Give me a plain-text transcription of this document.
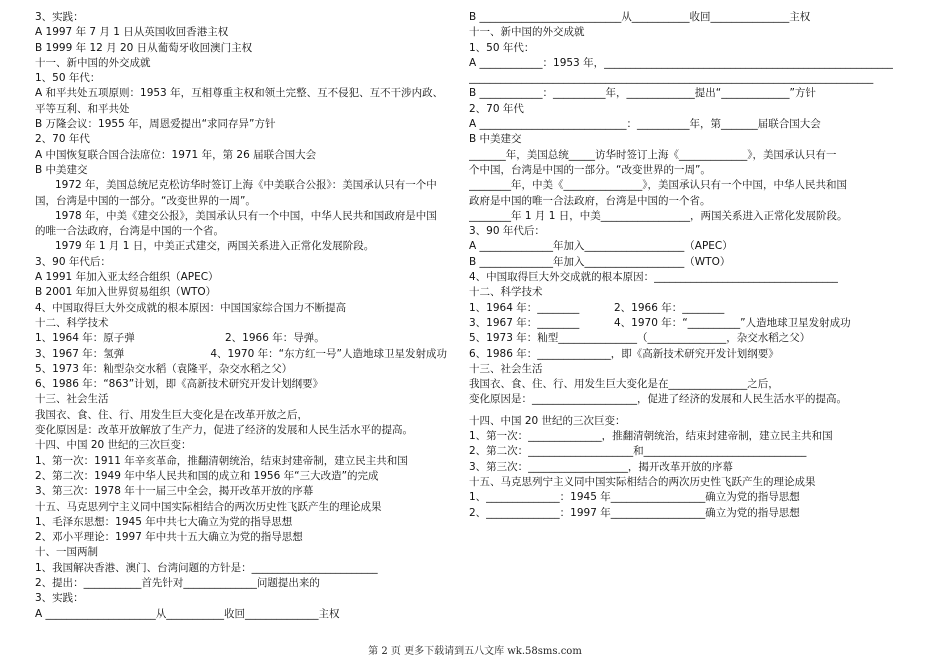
3、实践：
A 1997 年 7 月 1 日从英国收回香港主权
B 1999 年 12 月 20 日从葡萄牙收回澳门主权
十一、新中国的外交成就
1、50 年代：
A 和平共处五项原则：1953 年，互相尊重主权和领土完整、互不侵犯、互不干涉内政、
平等互利、和平共处
B 万隆会议：1955 年，周恩爱提出“求同存异”方针
2、70 年代
A 中国恢复联合国合法席位：1971 年，第 26 届联合国大会
B 中美建交
1972 年，美国总统尼克松访华时签订上海《中美联合公报》：美国承认只有一个中
国，台湾是中国的一部分。“改变世界的一周”。
1978 年，中美《建交公报》，美国承认只有一个中国，中华人民共和国政府是中国
的唯一合法政府，台湾是中国的一个省。
1979 年 1 月 1 日，中美正式建交，两国关系进入正常化发展阶段。
3、90 年代后：
A 1991 年加入亚太经合组织（APEC）
B 2001 年加入世界贸易组织（WTO）
4、中国取得巨大外交成就的根本原因：中国国家综合国力不断提高
十二、科学技术
1、1964 年：原子弹	2、1966 年：导弹。
3、1967 年：氢弹	4、1970 年：“东方红一号”人造地球卫星发射成功
5、1973 年：籼型杂交水稻（袁隆平，杂交水稻之父）
6、1986 年：“863”计划，即《高新技术研究开发计划纲要》
十三、社会生活
我国衣、食、住、行、用发生巨大变化是在改革开放之后，
变化原因是：改革开放解放了生产力，促进了经济的发展和人民生活水平的提高。
十四、中国 20 世纪的三次巨变：
1、第一次：1911 年辛亥革命，推翻清朝统治，结束封建帝制，建立民主共和国
2、第二次：1949 年中华人民共和国的成立和 1956 年“三大改造”的完成
3、第三次：1978 年十一届三中全会，揭开改革开放的序幕
十五、马克思列宁主义同中国实际相结合的两次历史性飞跃产生的理论成果
1、毛泽东思想：1945 年中共七大确立为党的指导思想
2、邓小平理论：1997 年中共十五大确立为党的指导思想
十、一国两制
1、我国解决香港、澳门、台湾问题的方针是：________________________
2、提出：___________首先针对______________问题提出来的
3、实践：
A _____________________从___________收回______________主权
B ___________________________从___________收回_______________主权
十一、新中国的外交成就
1、50 年代：
A ____________：1953 年，_______________________________________________________
_____________________________________________________________________________
B ____________：__________年，_____________提出“_____________”方针
2、70 年代
A ____________________________：__________年，第_______届联合国大会
B 中美建交
_______年，美国总统_____访华时签订上海《_____________》，美国承认只有一
个中国，台湾是中国的一部分。“改变世界的一周”。
________年，中美《_______________》，美国承认只有一个中国，中华人民共和国
政府是中国的唯一合法政府，台湾是中国的一个省。
________年 1 月 1 日，中美_________________，两国关系进入正常化发展阶段。
3、90 年代后：
A ______________年加入___________________（APEC）
B ______________年加入___________________（WTO）
4、中国取得巨大外交成就的根本原因：___________________________________
十二、科学技术
1、1964 年：________	2、1966 年：________
3、1967 年：________	4、1970 年：“__________”人造地球卫星发射成功
5、1973 年：籼型_______________（_______________，杂交水稻之父）
6、1986 年：______________，即《高新技术研究开发计划纲要》
十三、社会生活
我国衣、食、住、行、用发生巨大变化是在_______________之后，
变化原因是：____________________，促进了经济的发展和人民生活水平的提高。
十四、中国 20 世纪的三次巨变：
1、第一次：______________，推翻清朝统治，结束封建帝制，建立民主共和国
2、第二次：____________________和_______________________________
3、第三次：___________________，揭开改革开放的序幕
十五、马克思列宁主义同中国实际相结合的两次历史性飞跃产生的理论成果
1、______________：1945 年__________________确立为党的指导思想
2、______________：1997 年__________________确立为党的指导思想
第 2 页 更多下载请到五八文库 wk.58sms.com
